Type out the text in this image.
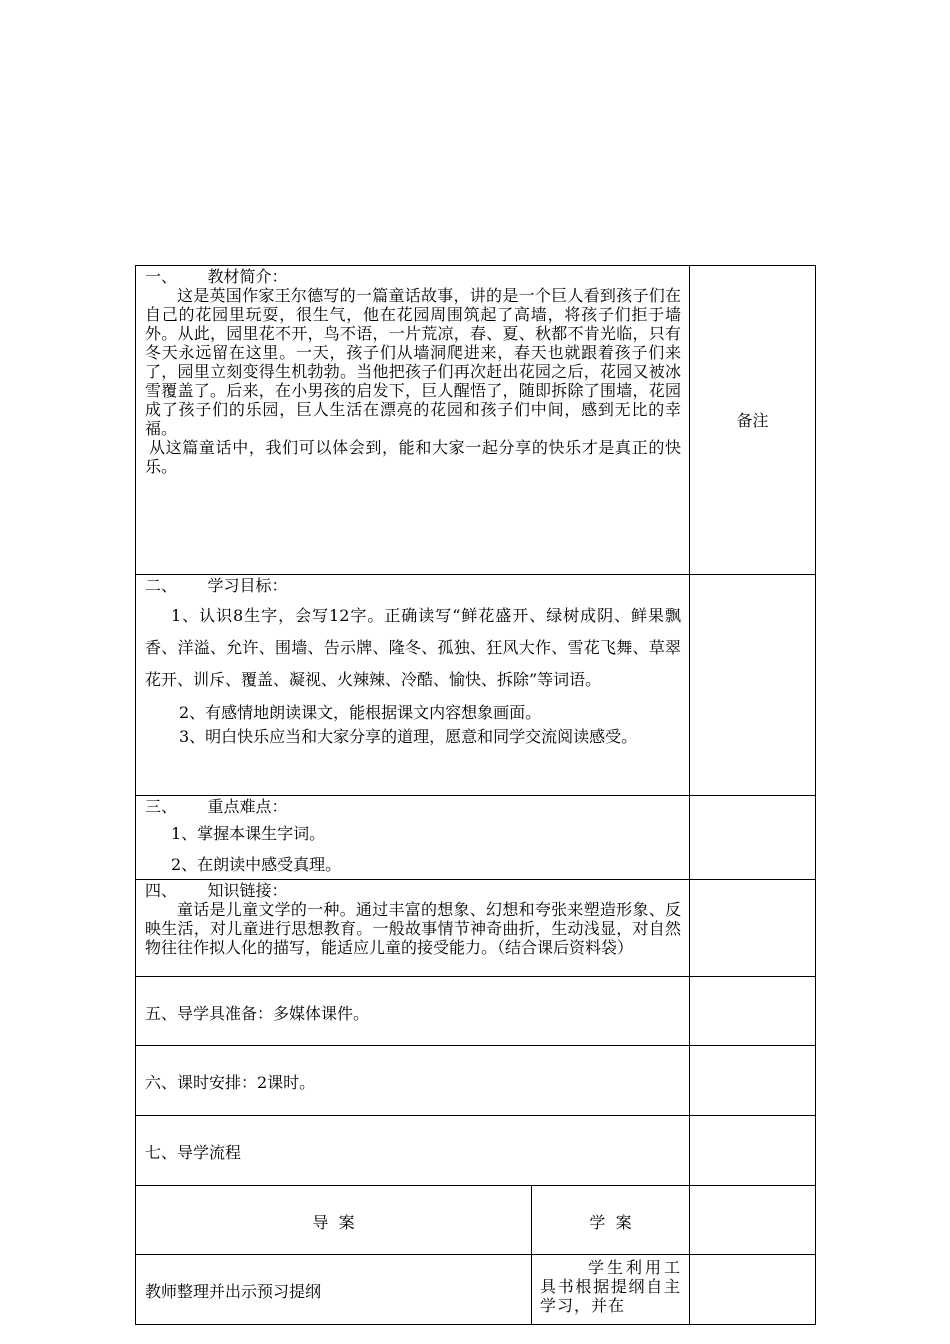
一、      教材简介：

这是英国作家王尔德写的一篇童话故事，讲的是一个巨人看到孩子们在自己的花园里玩耍，很生气，他在花园周围筑起了高墙，将孩子们拒于墙外。从此，园里花不开，鸟不语，一片荒凉，春、夏、秋都不肯光临，只有冬天永远留在这里。一天，孩子们从墙洞爬进来，春天也就跟着孩子们来了，园里立刻变得生机勃勃。当他把孩子们再次赶出花园之后，花园又被冰雪覆盖了。后来，在小男孩的启发下，巨人醒悟了，随即拆除了围墙，花园成了孩子们的乐园，巨人生活在漂亮的花园和孩子们中间，感到无比的幸福。

从这篇童话中，我们可以体会到，能和大家一起分享的快乐才是真正的快乐。

备注
二、      学习目标：

1、认识8生字，会写12字。正确读写“鲜花盛开、绿树成阴、鲜果飘香、洋溢、允许、围墙、告示牌、隆冬、孤独、狂风大作、雪花飞舞、草翠花开、训斥、覆盖、凝视、火辣辣、冷酷、愉快、拆除”等词语。

2、有感情地朗读课文，能根据课文内容想象画面。

3、明白快乐应当和大家分享的道理，愿意和同学交流阅读感受。

三、      重点难点：

1、掌握本课生字词。

2、在朗读中感受真理。

四、      知识链接：

童话是儿童文学的一种。通过丰富的想象、幻想和夸张来塑造形象、反映生活，对儿童进行思想教育。一般故事情节神奇曲折，生动浅显，对自然物往往作拟人化的描写，能适应儿童的接受能力。（结合课后资料袋）

五、导学具准备：多媒体课件。
六、课时安排：2课时。
七、导学流程
导  案	学  案
教师整理并出示预习提纲

学生利用工具书根据提纲自主学习，并在
